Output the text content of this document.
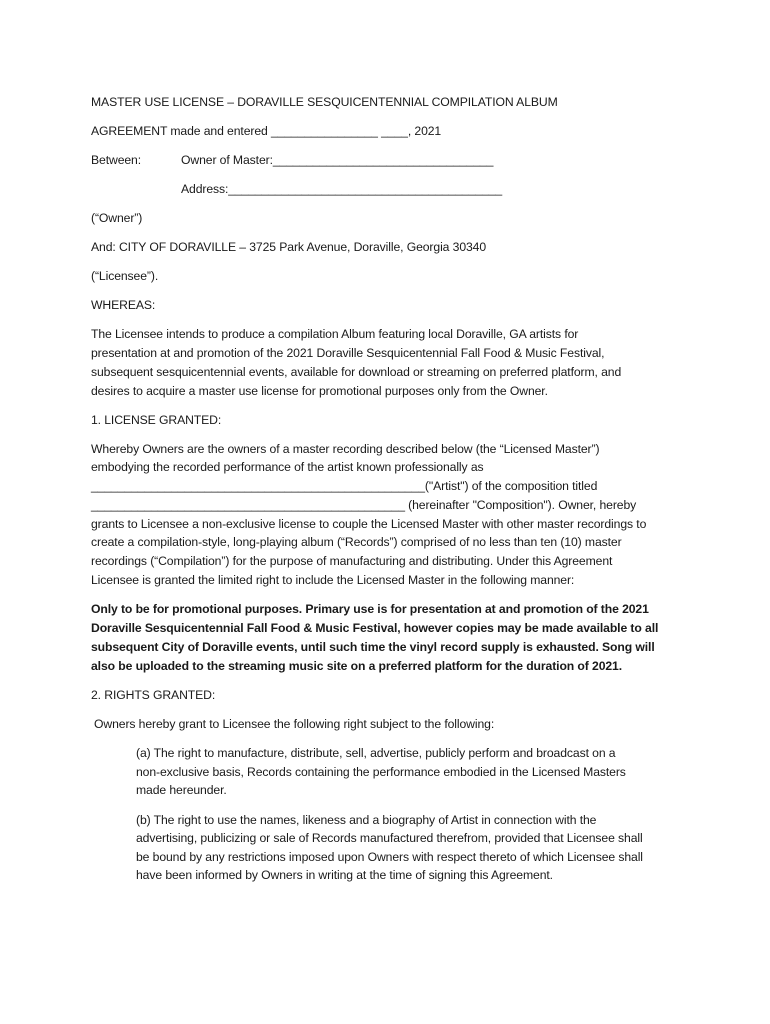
MASTER USE LICENSE – DORAVILLE SESQUICENTENNIAL COMPILATION ALBUM
AGREEMENT made and entered ________________ ____, 2021
Between:	Owner of Master:_________________________________
Address:_________________________________________
(“Owner”)
And: CITY OF DORAVILLE – 3725 Park Avenue, Doraville, Georgia 30340
(“Licensee”).
WHEREAS:
The Licensee intends to produce a compilation Album featuring local Doraville, GA artists for
presentation at and promotion of the 2021 Doraville Sesquicentennial Fall Food & Music Festival,
subsequent sesquicentennial events, available for download or streaming on preferred platform, and
desires to acquire a master use license for promotional purposes only from the Owner.
1. LICENSE GRANTED:
Whereby Owners are the owners of a master recording described below (the “Licensed Master”)
embodying the recorded performance of the artist known professionally as
__________________________________________________("Artist") of the composition titled
_______________________________________________ (hereinafter "Composition"). Owner, hereby
grants to Licensee a non-exclusive license to couple the Licensed Master with other master recordings to
create a compilation-style, long-playing album (“Records”) comprised of no less than ten (10) master
recordings (“Compilation”) for the purpose of manufacturing and distributing. Under this Agreement
Licensee is granted the limited right to include the Licensed Master in the following manner:
Only to be for promotional purposes. Primary use is for presentation at and promotion of the 2021
Doraville Sesquicentennial Fall Food & Music Festival, however copies may be made available to all
subsequent City of Doraville events, until such time the vinyl record supply is exhausted. Song will
also be uploaded to the streaming music site on a preferred platform for the duration of 2021.
2. RIGHTS GRANTED:
Owners hereby grant to Licensee the following right subject to the following:
(a) The right to manufacture, distribute, sell, advertise, publicly perform and broadcast on a
non-exclusive basis, Records containing the performance embodied in the Licensed Masters
made hereunder.
(b) The right to use the names, likeness and a biography of Artist in connection with the
advertising, publicizing or sale of Records manufactured therefrom, provided that Licensee shall
be bound by any restrictions imposed upon Owners with respect thereto of which Licensee shall
have been informed by Owners in writing at the time of signing this Agreement.
